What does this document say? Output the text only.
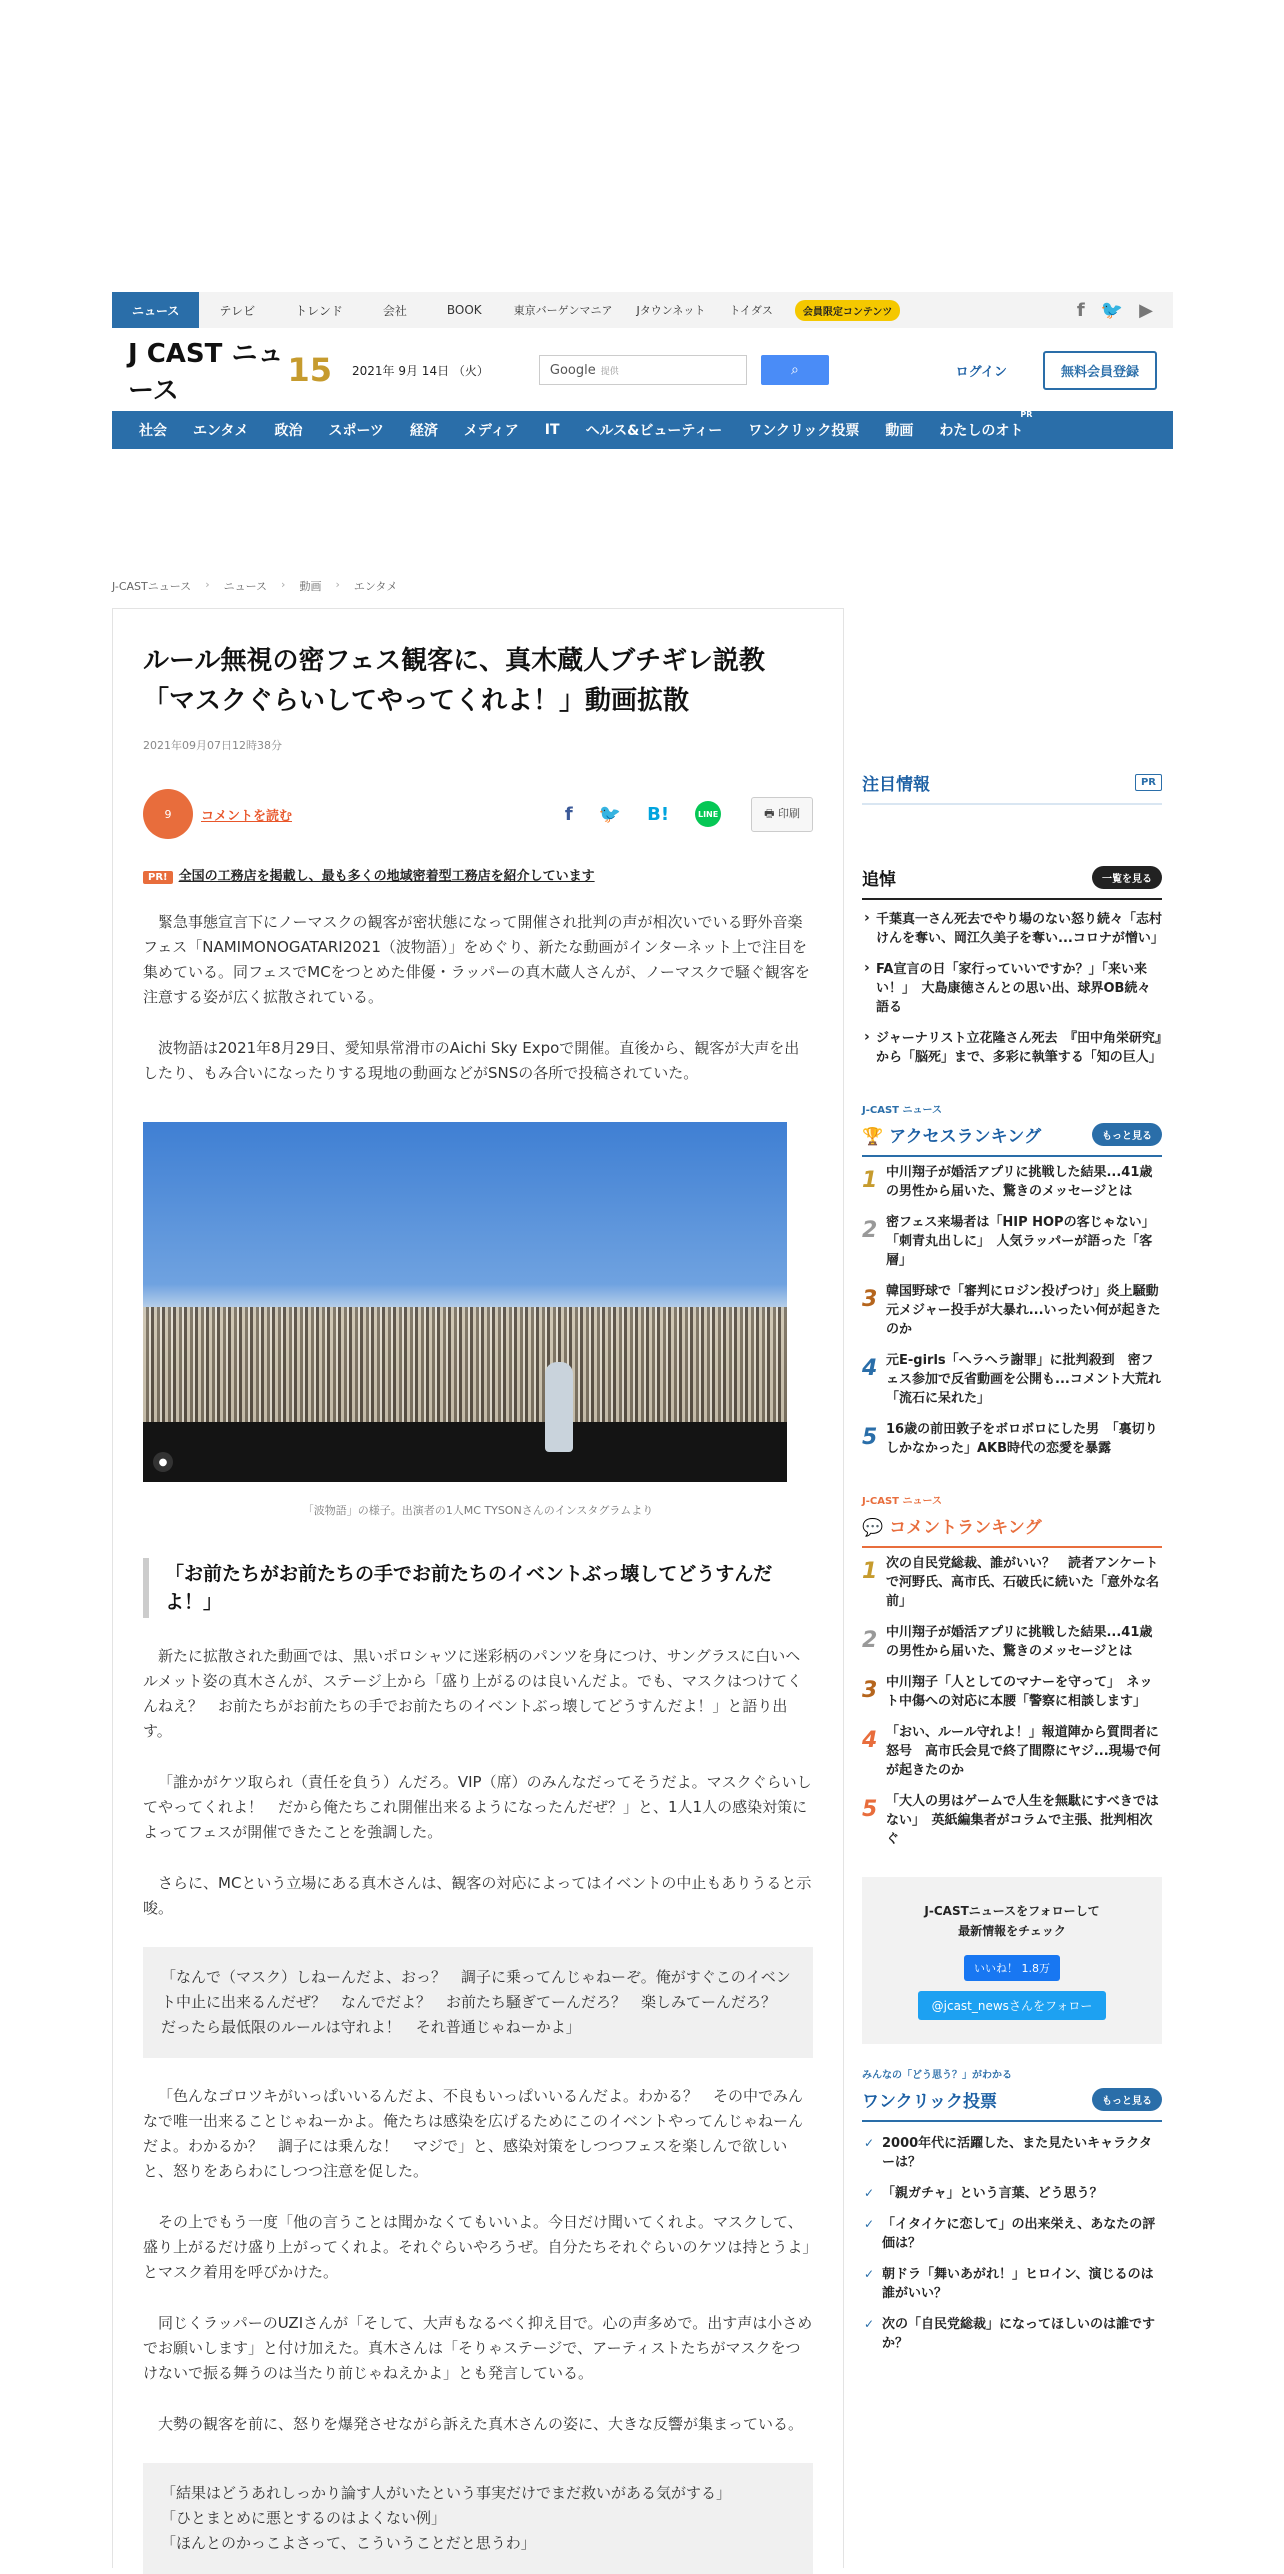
ニュース	テレビ	トレンド	会社	BOOK	東京バーゲンマニア	Jタウンネット	トイダス	会員限定コンテンツ	f 🐦 ▶
J CAST ニュース
15 2021年 9月 14日 （火）	Google 提供	⌕	ログイン	無料会員登録
社会	エンタメ	政治	スポーツ	経済	メディア	IT	ヘルス&ビューティー	ワンクリック投票	動画	わたしのオト
PR
J-CASTニュース › ニュース › 動画 › エンタメ
ルール無視の密フェス観客に、真木蔵人ブチギレ説教　「マスクぐらいしてやってくれよ！」動画拡散
2021年09月07日12時38分
9	コメントを読む	f 🐦 B!	LINE	🖶 印刷
PR! 全国の工務店を掲載し、最も多くの地域密着型工務店を紹介しています

緊急事態宣言下にノーマスクの観客が密状態になって開催され批判の声が相次いでいる野外音楽フェス「NAMIMONOGATARI2021（波物語）」をめぐり、新たな動画がインターネット上で注目を集めている。同フェスでMCをつとめた俳優・ラッパーの真木蔵人さんが、ノーマスクで騒ぐ観客を注意する姿が広く拡散されている。

波物語は2021年8月29日、愛知県常滑市のAichi Sky Expoで開催。直後から、観客が大声を出したり、もみ合いになったりする現地の動画などがSNSの各所で投稿されていた。

●
「波物語」の様子。出演者の1人MC TYSONさんのインスタグラムより
「お前たちがお前たちの手でお前たちのイベントぶっ壊してどうすんだよ！」

新たに拡散された動画では、黒いポロシャツに迷彩柄のパンツを身につけ、サングラスに白いヘルメット姿の真木さんが、ステージ上から「盛り上がるのは良いんだよ。でも、マスクはつけてくんねえ？　お前たちがお前たちの手でお前たちのイベントぶっ壊してどうすんだよ！」と語り出す。

「誰かがケツ取られ（責任を負う）んだろ。VIP（席）のみんなだってそうだよ。マスクぐらいしてやってくれよ！　だから俺たちこれ開催出来るようになったんだぜ？」と、1人1人の感染対策によってフェスが開催できたことを強調した。

さらに、MCという立場にある真木さんは、観客の対応によってはイベントの中止もありうると示唆。

「なんで（マスク）しねーんだよ、おっ？　調子に乗ってんじゃねーぞ。俺がすぐこのイベント中止に出来るんだぜ？　なんでだよ？　お前たち騒ぎてーんだろ？　楽しみてーんだろ？　だったら最低限のルールは守れよ！　それ普通じゃねーかよ」

「色んなゴロツキがいっぱいいるんだよ、不良もいっぱいいるんだよ。わかる？　その中でみんなで唯一出来ることじゃねーかよ。俺たちは感染を広げるためにこのイベントやってんじゃねーんだよ。わかるか？　調子には乗んな！　マジで」と、感染対策をしつつフェスを楽しんで欲しいと、怒りをあらわにしつつ注意を促した。

その上でもう一度「他の言うことは聞かなくてもいいよ。今日だけ聞いてくれよ。マスクして、盛り上がるだけ盛り上がってくれよ。それぐらいやろうぜ。自分たちそれぐらいのケツは持とうよ」とマスク着用を呼びかけた。

同じくラッパーのUZIさんが「そして、大声もなるべく抑え目で。心の声多めで。出す声は小さめでお願いします」と付け加えた。真木さんは「そりゃステージで、アーティストたちがマスクをつけないで振る舞うのは当たり前じゃねえかよ」とも発言している。

大勢の観客を前に、怒りを爆発させながら訴えた真木さんの姿に、大きな反響が集まっている。

「結果はどうあれしっかり論す人がいたという事実だけでまだ救いがある気がする」
「ひとまとめに悪とするのはよくない例」
「ほんとのかっこよさって、こういうことだと思うわ」
注目情報	PR
追悼	一覧を見る
› 千葉真一さん死去でやり場のない怒り続々「志村けんを奪い、岡江久美子を奪い...コロナが憎い」
› FA宣言の日「家行っていいですか？」「来い来い！」　大島康徳さんとの思い出、球界OB続々語る
› ジャーナリスト立花隆さん死去　『田中角栄研究』から「脳死」まで、多彩に執筆する「知の巨人」
J-CAST ニュース
🏆 アクセスランキング	もっと見る
1 中川翔子が婚活アプリに挑戦した結果...41歳の男性から届いた、驚きのメッセージとは
2 密フェス来場者は「HIP HOPの客じゃない」「刺青丸出しに」　人気ラッパーが語った「客層」
3 韓国野球で「審判にロジン投げつけ」炎上騒動　元メジャー投手が大暴れ...いったい何が起きたのか
4 元E-girls「ヘラヘラ謝罪」に批判殺到　密フェス参加で反省動画を公開も...コメント大荒れ「流石に呆れた」
5 16歳の前田敦子をボロボロにした男　「裏切りしかなかった」AKB時代の恋愛を暴露
J-CAST ニュース
💬 コメントランキング
1 次の自民党総裁、誰がいい？　読者アンケートで河野氏、高市氏、石破氏に続いた「意外な名前」
2 中川翔子が婚活アプリに挑戦した結果...41歳の男性から届いた、驚きのメッセージとは
3 中川翔子「人としてのマナーを守って」　ネット中傷への対応に本腰「警察に相談します」
4 「おい、ルール守れよ！」報道陣から質問者に怒号　高市氏会見で終了間際にヤジ...現場で何が起きたのか
5 「大人の男はゲームで人生を無駄にすべきではない」　英紙編集者がコラムで主張、批判相次ぐ
J-CASTニュースをフォローして
最新情報をチェック
いいね！ 1.8万
@jcast_newsさんをフォロー
みんなの「どう思う？」がわかる
ワンクリック投票	もっと見る
✓ 2000年代に活躍した、また見たいキャラクターは？
✓ 「親ガチャ」という言葉、どう思う？
✓ 「イタイケに恋して」の出来栄え、あなたの評価は？
✓ 朝ドラ「舞いあがれ！」ヒロイン、演じるのは誰がいい？
✓ 次の「自民党総裁」になってほしいのは誰ですか？
